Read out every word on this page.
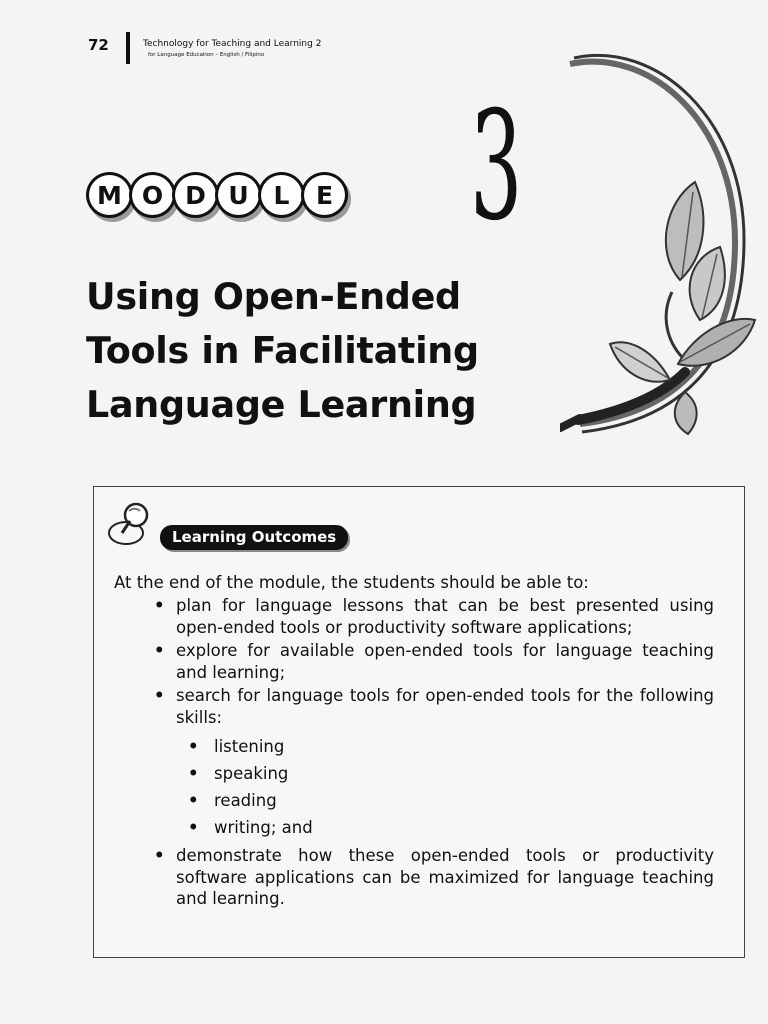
72	Technology for Teaching and Learning 2
for Language Education – English / Filipino
M O D U L	E 3
Using Open-Ended
Tools in Facilitating
Language Learning
Learning Outcomes
At the end of the module, the students should be able to:
• plan for language lessons that can be best presented using open-ended tools or productivity software applications;
• explore for available open-ended tools for language teaching and learning;
• search for language tools for open-ended tools for the following skills:
• listening
• speaking
• reading
• writing; and
• demonstrate how these open-ended tools or productivity software applications can be maximized for language teaching and learning.
